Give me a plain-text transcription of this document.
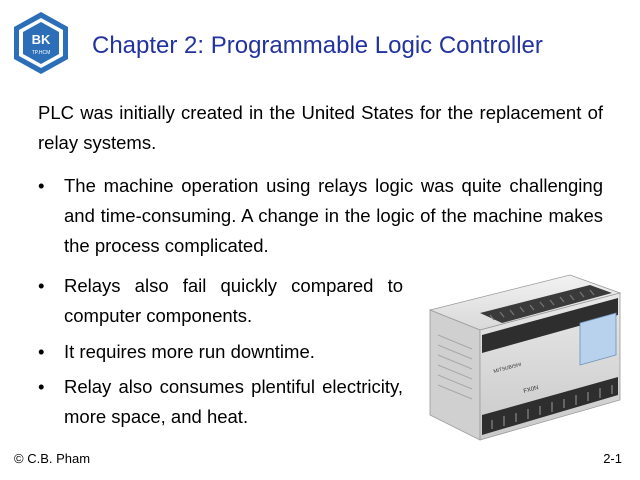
BK
TP.HCM Chapter 2: Programmable Logic Controller
PLC was initially created in the United States for the replacement of relay systems.
• The machine operation using relays logic was quite challenging and time-consuming. A change in the logic of the machine makes the process complicated.
• Relays also fail quickly compared to computer components.
• It requires more run downtime.
• Relay also consumes plentiful electricity, more space, and heat.
MITSUBISHI
FX0N
© C.B. Pham	2-1
